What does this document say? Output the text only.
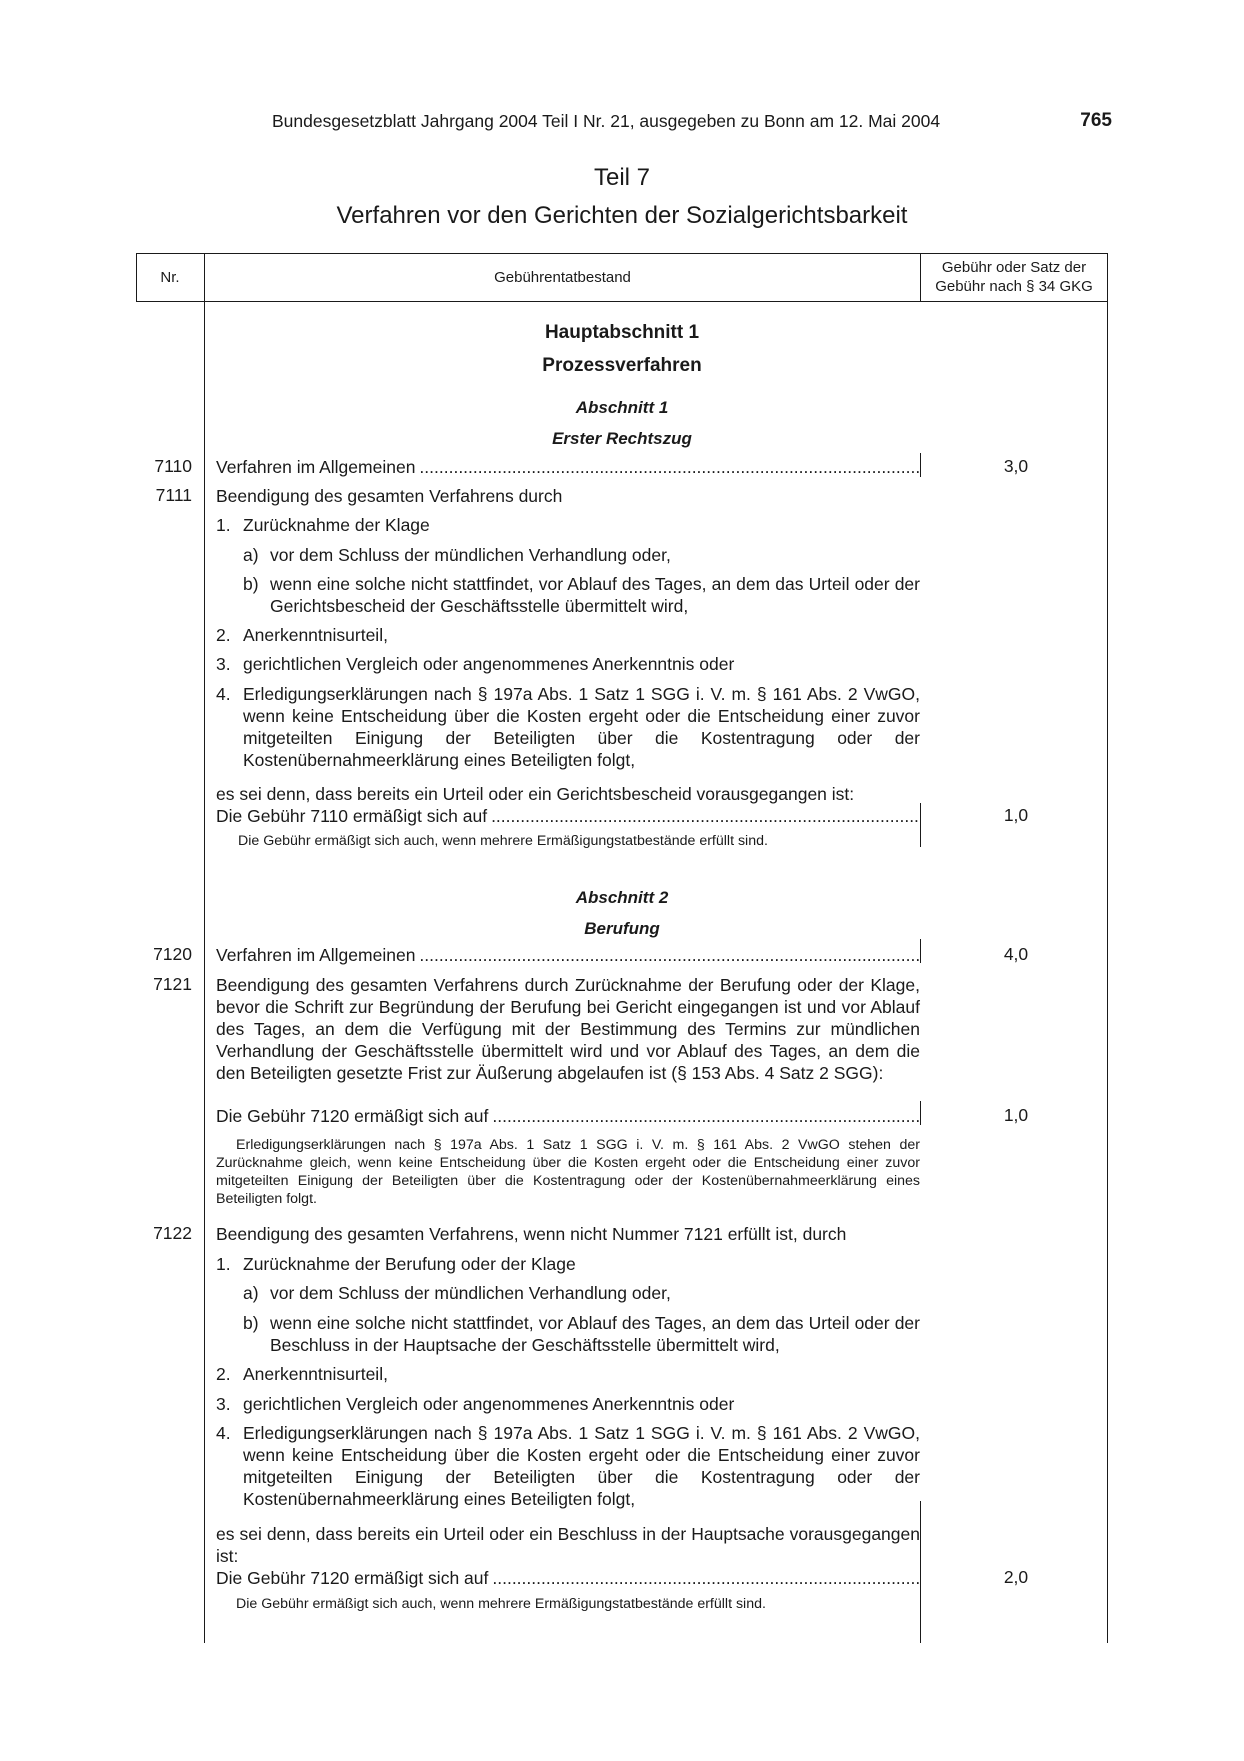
Bundesgesetzblatt Jahrgang 2004 Teil I Nr. 21, ausgegeben zu Bonn am 12. Mai 2004	765
Teil 7
Verfahren vor den Gerichten der Sozialgerichtsbarkeit
Nr.	Gebührentatbestand
Gebühr oder Satz der
Gebühr nach § 34 GKG
Hauptabschnitt 1
Prozessverfahren
Abschnitt 1
Erster Rechtszug
7110 Verfahren im Allgemeinen .....	3,0
7111 Beendigung des gesamten Verfahrens durch
1. Zurücknahme der Klage
a) vor dem Schluss der mündlichen Verhandlung oder,
b) wenn eine solche nicht stattfindet, vor Ablauf des Tages, an dem das Urteil oder der Gerichtsbescheid der Geschäftsstelle übermittelt wird,
2. Anerkenntnisurteil,
3. gerichtlichen Vergleich oder angenommenes Anerkenntnis oder
4. Erledigungserklärungen nach § 197a Abs. 1 Satz 1 SGG i. V. m. § 161 Abs. 2 VwGO, wenn keine Entscheidung über die Kosten ergeht oder die Entscheidung einer zuvor mitgeteilten Einigung der Beteiligten über die Kostentragung oder der Kostenübernahmeerklärung eines Beteiligten folgt,
es sei denn, dass bereits ein Urteil oder ein Gerichtsbescheid vorausgegangen ist:
Die Gebühr 7110 ermäßigt sich auf .....	1,0
Die Gebühr ermäßigt sich auch, wenn mehrere Ermäßigungstatbestände erfüllt sind.
Abschnitt 2
Berufung
7120 Verfahren im Allgemeinen .....	4,0
7121 Beendigung des gesamten Verfahrens durch Zurücknahme der Berufung oder der Klage, bevor die Schrift zur Begründung der Berufung bei Gericht eingegangen ist und vor Ablauf des Tages, an dem die Verfügung mit der Bestimmung des Termins zur mündlichen Verhandlung der Geschäftsstelle übermittelt wird und vor Ablauf des Tages, an dem die den Beteiligten gesetzte Frist zur Äußerung abgelaufen ist (§ 153 Abs. 4 Satz 2 SGG):
Die Gebühr 7120 ermäßigt sich auf .....	1,0
Erledigungserklärungen nach § 197a Abs. 1 Satz 1 SGG i. V. m. § 161 Abs. 2 VwGO stehen der Zurücknahme gleich, wenn keine Entscheidung über die Kosten ergeht oder die Entscheidung einer zuvor mitgeteilten Einigung der Beteiligten über die Kostentragung oder der Kostenübernahmeerklärung eines Beteiligten folgt.
7122 Beendigung des gesamten Verfahrens, wenn nicht Nummer 7121 erfüllt ist, durch
1. Zurücknahme der Berufung oder der Klage
a) vor dem Schluss der mündlichen Verhandlung oder,
b) wenn eine solche nicht stattfindet, vor Ablauf des Tages, an dem das Urteil oder der Beschluss in der Hauptsache der Geschäftsstelle übermittelt wird,
2. Anerkenntnisurteil,
3. gerichtlichen Vergleich oder angenommenes Anerkenntnis oder
4. Erledigungserklärungen nach § 197a Abs. 1 Satz 1 SGG i. V. m. § 161 Abs. 2 VwGO, wenn keine Entscheidung über die Kosten ergeht oder die Entscheidung einer zuvor mitgeteilten Einigung der Beteiligten über die Kostentragung oder der Kostenübernahmeerklärung eines Beteiligten folgt,
es sei denn, dass bereits ein Urteil oder ein Beschluss in der Hauptsache vorausgegangen ist:
Die Gebühr 7120 ermäßigt sich auf .....	2,0
Die Gebühr ermäßigt sich auch, wenn mehrere Ermäßigungstatbestände erfüllt sind.
